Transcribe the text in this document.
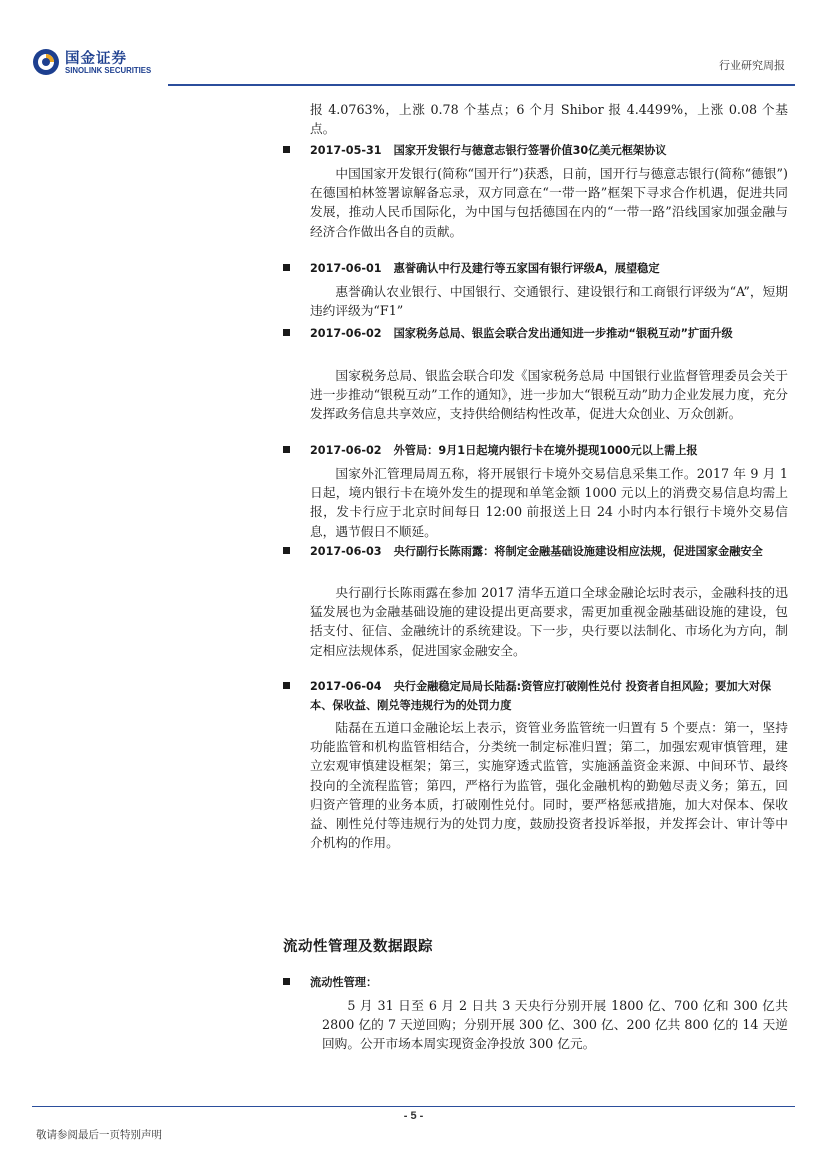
国金证券
SINOLINK SECURITIES	行业研究周报

报 4.0763%，上涨 0.78 个基点；6 个月 Shibor 报 4.4499%，上涨 0.08 个基点。

2017-05-31 国家开发银行与德意志银行签署价值30亿美元框架协议

中国国家开发银行(简称“国开行”)获悉，日前，国开行与德意志银行(简称“德银”)在德国柏林签署谅解备忘录，双方同意在“一带一路”框架下寻求合作机遇，促进共同发展，推动人民币国际化，为中国与包括德国在内的“一带一路”沿线国家加强金融与经济合作做出各自的贡献。

2017-06-01 惠誉确认中行及建行等五家国有银行评级A，展望稳定

惠誉确认农业银行、中国银行、交通银行、建设银行和工商银行评级为“A”，短期违约评级为“F1”

2017-06-02 国家税务总局、银监会联合发出通知进一步推动“银税互动”扩面升级

国家税务总局、银监会联合印发《国家税务总局 中国银行业监督管理委员会关于进一步推动“银税互动”工作的通知》，进一步加大“银税互动”助力企业发展力度，充分发挥政务信息共享效应，支持供给侧结构性改革，促进大众创业、万众创新。

2017-06-02 外管局：9月1日起境内银行卡在境外提现1000元以上需上报

国家外汇管理局周五称，将开展银行卡境外交易信息采集工作。2017 年 9 月 1 日起，境内银行卡在境外发生的提现和单笔金额 1000 元以上的消费交易信息均需上报，发卡行应于北京时间每日 12:00 前报送上日 24 小时内本行银行卡境外交易信息，遇节假日不顺延。

2017-06-03 央行副行长陈雨露：将制定金融基础设施建设相应法规，促进国家金融安全

央行副行长陈雨露在参加 2017 清华五道口全球金融论坛时表示，金融科技的迅猛发展也为金融基础设施的建设提出更高要求，需更加重视金融基础设施的建设，包括支付、征信、金融统计的系统建设。下一步，央行要以法制化、市场化为方向，制定相应法规体系，促进国家金融安全。

2017-06-04 央行金融稳定局局长陆磊:资管应打破刚性兑付 投资者自担风险；要加大对保本、保收益、刚兑等违规行为的处罚力度

陆磊在五道口金融论坛上表示，资管业务监管统一归置有 5 个要点：第一，坚持功能监管和机构监管相结合，分类统一制定标准归置；第二，加强宏观审慎管理，建立宏观审慎建设框架；第三，实施穿透式监管，实施涵盖资金来源、中间环节、最终投向的全流程监管；第四，严格行为监管，强化金融机构的勤勉尽责义务；第五，回归资产管理的业务本质，打破刚性兑付。同时，要严格惩戒措施，加大对保本、保收益、刚性兑付等违规行为的处罚力度，鼓励投资者投诉举报，并发挥会计、审计等中介机构的作用。

流动性管理及数据跟踪
流动性管理：

5 月 31 日至 6 月 2 日共 3 天央行分别开展 1800 亿、700 亿和 300 亿共 2800 亿的 7 天逆回购；分别开展 300 亿、300 亿、200 亿共 800 亿的 14 天逆回购。公开市场本周实现资金净投放 300 亿元。

- 5 -
敬请参阅最后一页特别声明
